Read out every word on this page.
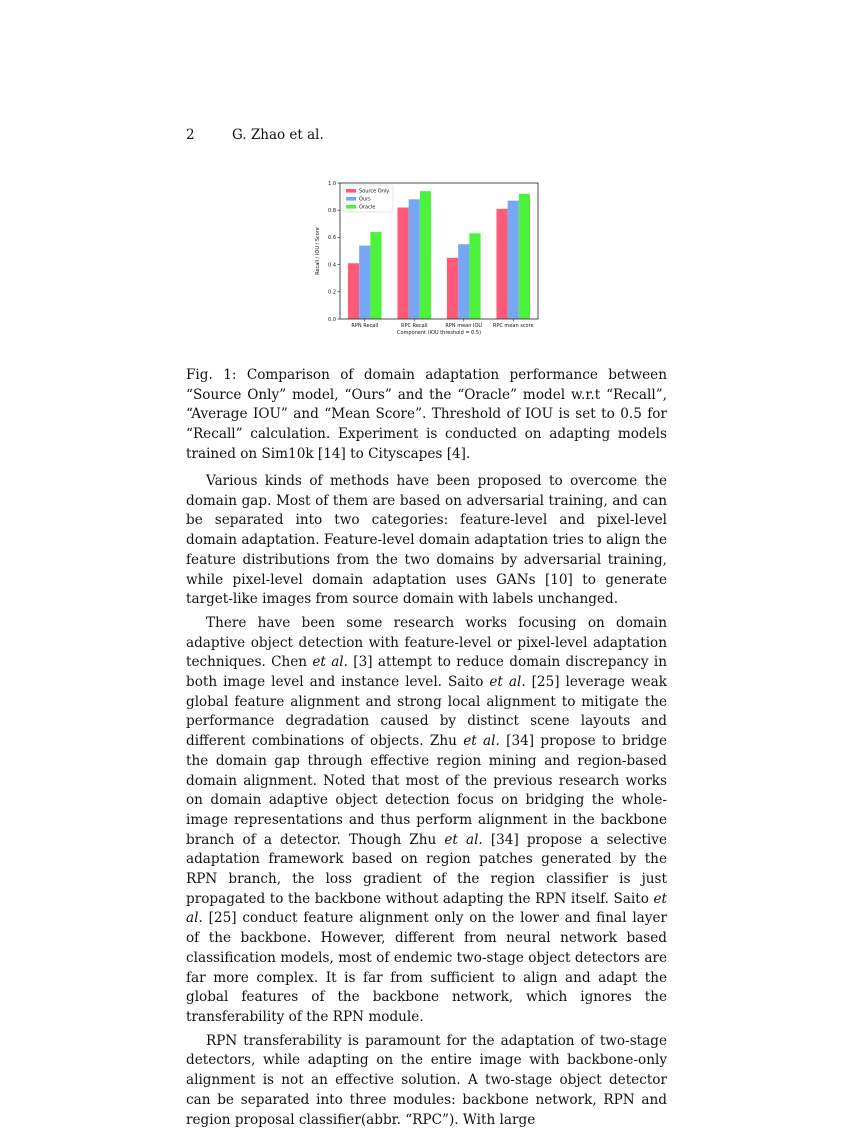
2	G. Zhao et al.
0.0
0.2
0.4
0.6
0.8
1.0
RPN Recall	RPC Recall	RPN mean IOU RPC mean score
Recall / IOU / Score
Component (IOU threshold = 0.5)
Source Only
Ours
Oracle
Fig. 1: Comparison of domain adaptation performance between “Source Only” model, “Ours” and the “Oracle” model w.r.t “Recall”, “Average IOU” and “Mean Score”. Threshold of IOU is set to 0.5 for “Recall” calculation. Experiment is conducted on adapting models trained on Sim10k [14] to Cityscapes [4].

Various kinds of methods have been proposed to overcome the domain gap. Most of them are based on adversarial training, and can be separated into two categories: feature-level and pixel-level domain adaptation. Feature-level domain adaptation tries to align the feature distributions from the two domains by adversarial training, while pixel-level domain adaptation uses GANs [10] to generate target-like images from source domain with labels unchanged.

There have been some research works focusing on domain adaptive object detection with feature-level or pixel-level adaptation techniques. Chen et al. [3] attempt to reduce domain discrepancy in both image level and instance level. Saito et al. [25] leverage weak global feature alignment and strong local alignment to mitigate the performance degradation caused by distinct scene layouts and different combinations of objects. Zhu et al. [34] propose to bridge the domain gap through effective region mining and region-based domain alignment. Noted that most of the previous research works on domain adaptive object detection focus on bridging the whole-image representations and thus perform alignment in the backbone branch of a detector. Though Zhu et al. [34] propose a selective adaptation framework based on region patches generated by the RPN branch, the loss gradient of the region classifier is just propagated to the backbone without adapting the RPN itself. Saito et al. [25] conduct feature alignment only on the lower and final layer of the backbone. However, different from neural network based classification models, most of endemic two-stage object detectors are far more complex. It is far from sufficient to align and adapt the global features of the backbone network, which ignores the transferability of the RPN module.

RPN transferability is paramount for the adaptation of two-stage detectors, while adapting on the entire image with backbone-only alignment is not an effective solution. A two-stage object detector can be separated into three modules: backbone network, RPN and region proposal classifier(abbr. “RPC”). With large
